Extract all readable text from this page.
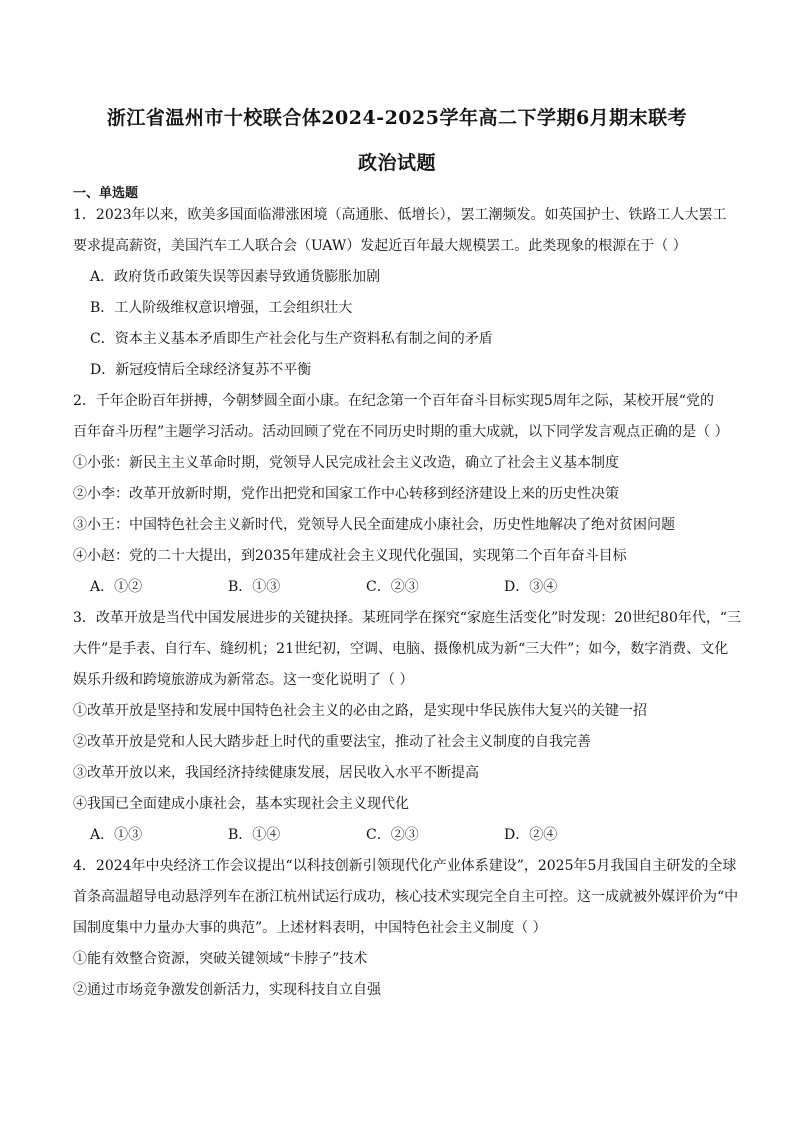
浙江省温州市十校联合体2024-2025学年高二下学期6月期末联考
政治试题
一、单选题
1．2023年以来，欧美多国面临滞涨困境（高通胀、低增长），罢工潮频发。如英国护士、铁路工人大罢工
要求提高薪资，美国汽车工人联合会（UAW）发起近百年最大规模罢工。此类现象的根源在于（ ）
A．政府货币政策失误等因素导致通货膨胀加剧
B．工人阶级维权意识增强，工会组织壮大
C．资本主义基本矛盾即生产社会化与生产资料私有制之间的矛盾
D．新冠疫情后全球经济复苏不平衡
2．千年企盼百年拼搏，今朝梦圆全面小康。在纪念第一个百年奋斗目标实现5周年之际，某校开展“党的
百年奋斗历程”主题学习活动。活动回顾了党在不同历史时期的重大成就，以下同学发言观点正确的是（ ）
①小张：新民主主义革命时期，党领导人民完成社会主义改造，确立了社会主义基本制度
②小李：改革开放新时期，党作出把党和国家工作中心转移到经济建设上来的历史性决策
③小王：中国特色社会主义新时代，党领导人民全面建成小康社会，历史性地解决了绝对贫困问题
④小赵：党的二十大提出，到2035年建成社会主义现代化强国，实现第二个百年奋斗目标
A．①②	B．①③	C．②③	D．③④
3．改革开放是当代中国发展进步的关键抉择。某班同学在探究“家庭生活变化”时发现：20世纪80年代，“三
大件”是手表、自行车、缝纫机；21世纪初，空调、电脑、摄像机成为新“三大件”；如今，数字消费、文化
娱乐升级和跨境旅游成为新常态。这一变化说明了（ ）
①改革开放是坚持和发展中国特色社会主义的必由之路，是实现中华民族伟大复兴的关键一招
②改革开放是党和人民大踏步赶上时代的重要法宝，推动了社会主义制度的自我完善
③改革开放以来，我国经济持续健康发展，居民收入水平不断提高
④我国已全面建成小康社会，基本实现社会主义现代化
A．①③	B．①④	C．②③	D．②④
4．2024年中央经济工作会议提出“以科技创新引领现代化产业体系建设”，2025年5月我国自主研发的全球
首条高温超导电动悬浮列车在浙江杭州试运行成功，核心技术实现完全自主可控。这一成就被外媒评价为“中
国制度集中力量办大事的典范”。上述材料表明，中国特色社会主义制度（ ）
①能有效整合资源，突破关键领域“卡脖子”技术
②通过市场竞争激发创新活力，实现科技自立自强
